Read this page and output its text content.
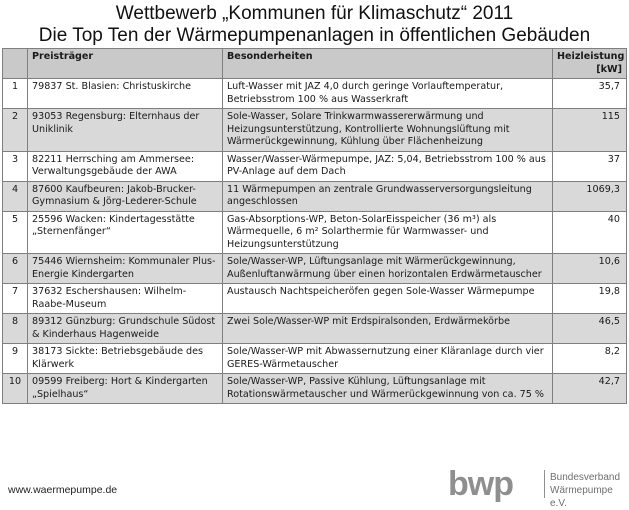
Wettbewerb „Kommunen für Klimaschutz“ 2011
Die Top Ten der Wärmepumpenanlagen in öffentlichen Gebäuden
	Preisträger	Besonderheiten	Heizleistung
[kW]

1	79837 St. Blasien: Christuskirche	Luft-Wasser mit JAZ 4,0 durch geringe Vorlauftemperatur, Betriebsstrom 100 % aus Wasserkraft	35,7
2	93053 Regensburg: Elternhaus der Uniklinik	Sole-Wasser, Solare Trinkwarmwassererwärmung und Heizungsunterstützung, Kontrollierte Wohnungslüftung mit Wärmerückgewinnung, Kühlung über Flächenheizung	115
3	82211 Herrsching am Ammersee: Verwaltungsgebäude der AWA	Wasser/Wasser-Wärmepumpe, JAZ: 5,04, Betriebsstrom 100 % aus PV-Anlage auf dem Dach	37
4	87600 Kaufbeuren: Jakob-Brucker-Gymnasium & Jörg-Lederer-Schule	11 Wärmepumpen an zentrale Grundwasserversorgungsleitung angeschlossen	1069,3
5	25596 Wacken: Kindertagesstätte „Sternenfänger“	Gas-Absorptions-WP, Beton-SolarEisspeicher (36 m³) als Wärmequelle, 6 m² Solarthermie für Warmwasser- und Heizungsunterstützung	40
6	75446 Wiernsheim: Kommunaler Plus-Energie Kindergarten	Sole/Wasser-WP, Lüftungsanlage mit Wärmerückgewinnung, Außenluftanwärmung über einen horizontalen Erdwärmetauscher	10,6
7	37632 Eschershausen: Wilhelm-Raabe-Museum	Austausch Nachtspeicheröfen gegen Sole-Wasser Wärmepumpe	19,8
8	89312 Günzburg: Grundschule Südost & Kinderhaus Hagenweide	Zwei Sole/Wasser-WP mit Erdspiralsonden, Erdwärmekörbe	46,5
9	38173 Sickte: Betriebsgebäude des Klärwerk	Sole/Wasser-WP mit Abwassernutzung einer Kläranlage durch vier GERES-Wärmetauscher	8,2
10	09599 Freiberg: Hort & Kindergarten „Spielhaus“	Sole/Wasser-WP, Passive Kühlung, Lüftungsanlage mit Rotationswärmetauscher und Wärmerückgewinnung von ca. 75 %	42,7
www.waermepumpe.de	bwp	Bundesverband
Wärmepumpe e.V.
